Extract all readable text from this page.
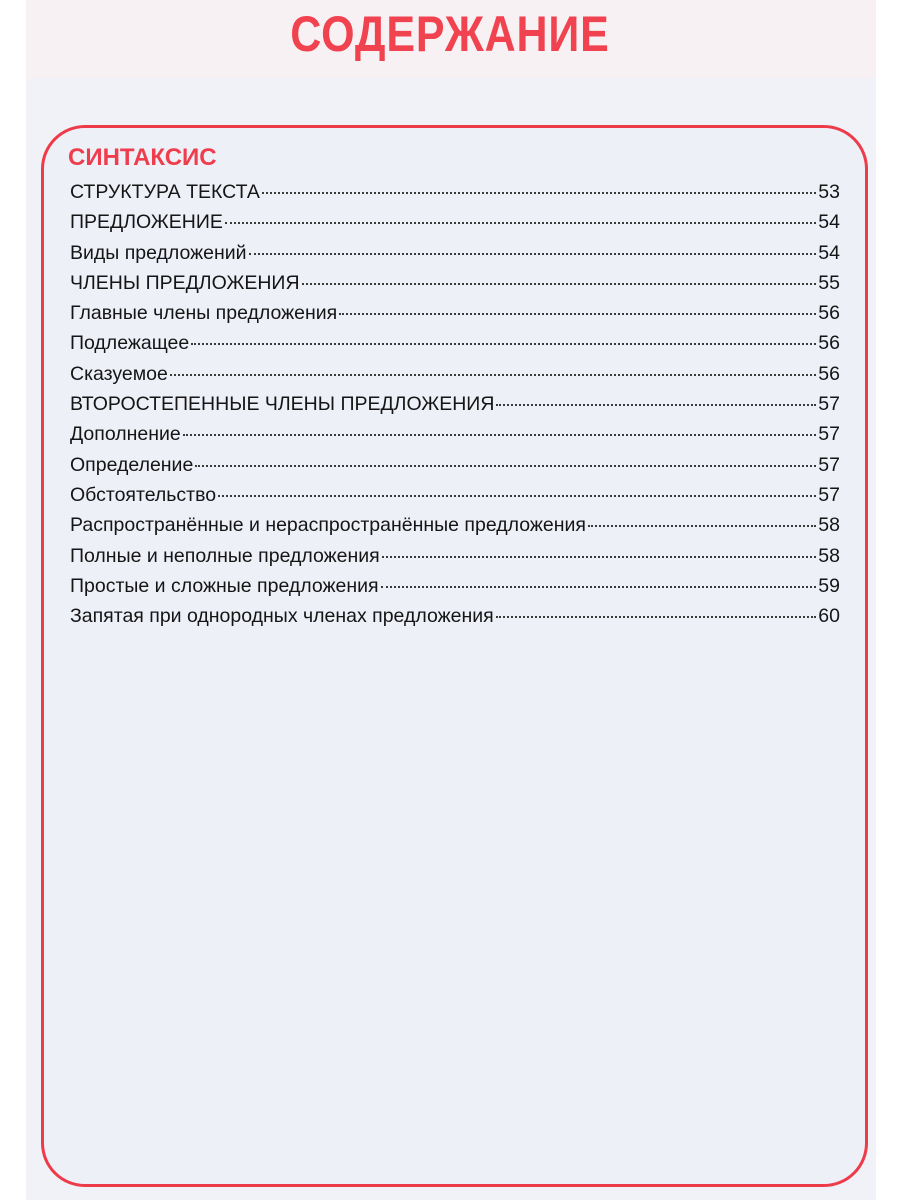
СОДЕРЖАНИЕ
СИНТАКСИС
СТРУКТУРА ТЕКСТА	53
ПРЕДЛОЖЕНИЕ	54
Виды предложений	54
ЧЛЕНЫ ПРЕДЛОЖЕНИЯ	55
Главные члены предложения	56
Подлежащее	56
Сказуемое	56
ВТОРОСТЕПЕННЫЕ ЧЛЕНЫ ПРЕДЛОЖЕНИЯ	57
Дополнение	57
Определение	57
Обстоятельство	57
Распространённые и нераспространённые предложения	58
Полные и неполные предложения	58
Простые и сложные предложения	59
Запятая при однородных членах предложения	60
